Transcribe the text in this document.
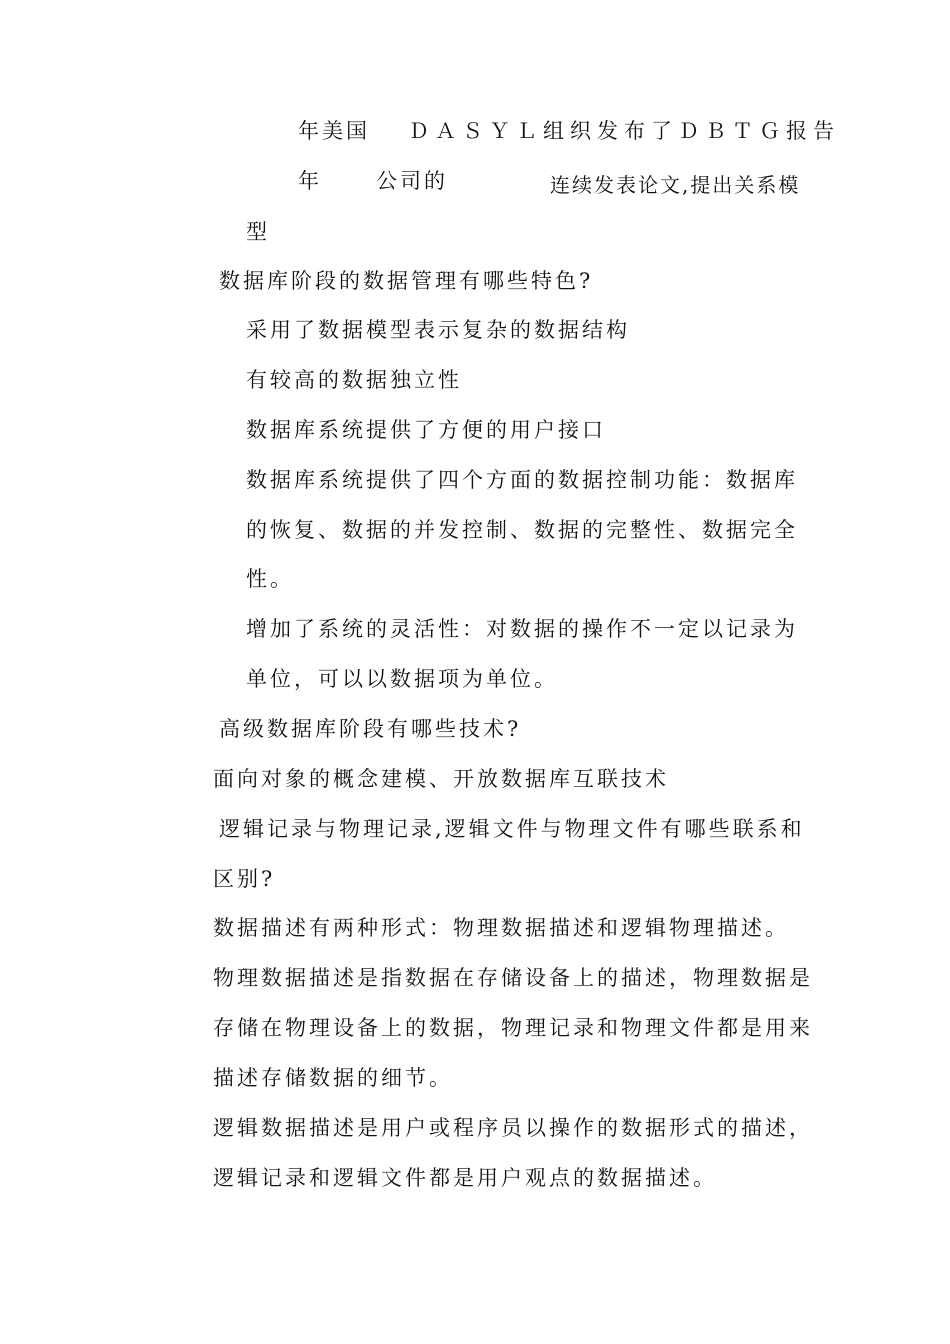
年美国 ＤＡＳＹＬ组织发布了ＤＢＴＧ报告
年	公司的	连续发表论文,提出关系模
型
数据库阶段的数据管理有哪些特色?
采用了数据模型表示复杂的数据结构
有较高的数据独立性
数据库系统提供了方便的用户接口
数据库系统提供了四个方面的数据控制功能：数据库
的恢复、数据的并发控制、数据的完整性、数据完全
性。
增加了系统的灵活性：对数据的操作不一定以记录为
单位，可以以数据项为单位。
高级数据库阶段有哪些技术?
面向对象的概念建模、开放数据库互联技术
逻辑记录与物理记录,逻辑文件与物理文件有哪些联系和
区别?
数据描述有两种形式：物理数据描述和逻辑物理描述。
物理数据描述是指数据在存储设备上的描述，物理数据是
存储在物理设备上的数据，物理记录和物理文件都是用来
描述存储数据的细节。
逻辑数据描述是用户或程序员以操作的数据形式的描述，
逻辑记录和逻辑文件都是用户观点的数据描述。
